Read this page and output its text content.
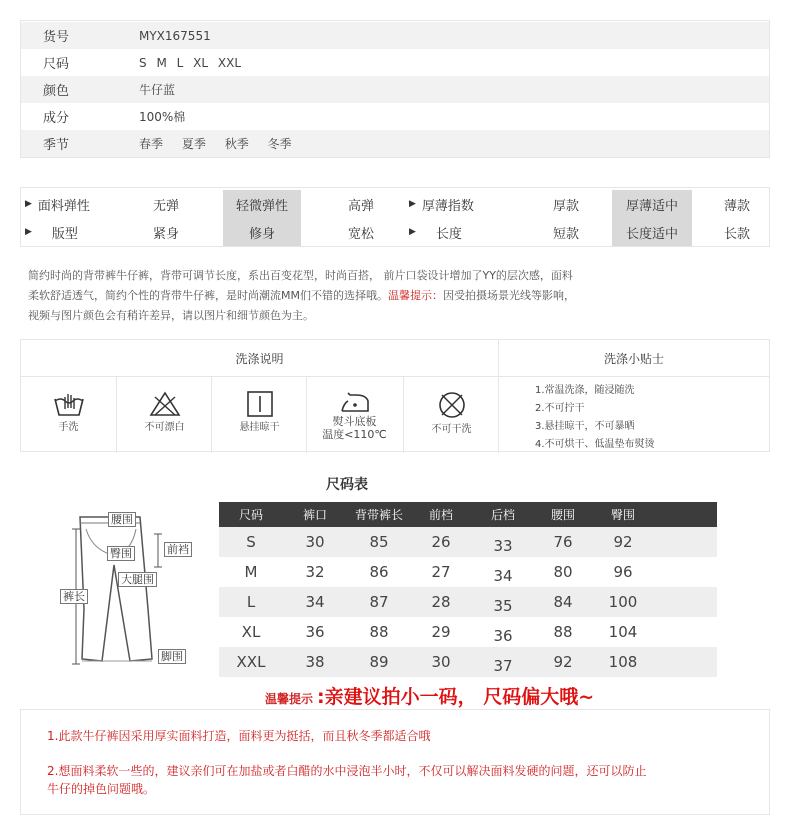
货号	MYX167551
尺码	S M L XL XXL
颜色	牛仔蓝
成分	100%棉
季节	春季 夏季 秋季 冬季
▶ 面料弹性	无弹	轻微弹性	高弹	▶ 厚薄指数	厚款	厚薄适中	薄款
▶ 版型	紧身	修身	宽松	▶ 长度	短款	长度适中	长款
简约时尚的背带裤牛仔裤，背带可调节长度，系出百变花型，时尚百搭， 前片口袋设计增加了YY的层次感，面料
柔软舒适透气，简约个性的背带牛仔裤，是时尚潮流MM们不错的选择哦。温馨提示：因受拍摄场景光线等影响，
视频与图片颜色会有稍许差异，请以图片和细节颜色为主。
洗涤说明	洗涤小贴士
手洗	不可漂白	悬挂晾干	熨斗底板
温度<110℃	不可干洗
1.常温洗涤，随浸随洗
2.不可拧干
3.悬挂晾干，不可暴晒
4.不可烘干、低温垫布熨烫
尺码表
腰围
臀围	前裆
大腿围
裤长
脚围
尺码	裤口	背带裤长	前档	后档	腰围	臀围
S	30	85	26	33	76	92
M	32	86	27	34	80	96
L	34	87	28	35	84	100
XL	36	88	29	36	88	104
XXL	38	89	30	37	92	108
温馨提示 :亲建议拍小一码， 尺码偏大哦~
1.此款牛仔裤因采用厚实面料打造，面料更为挺括，而且秋冬季都适合哦
2.想面料柔软一些的，建议亲们可在加盐或者白醋的水中浸泡半小时，不仅可以解决面料发硬的问题，还可以防止
牛仔的掉色问题哦。
